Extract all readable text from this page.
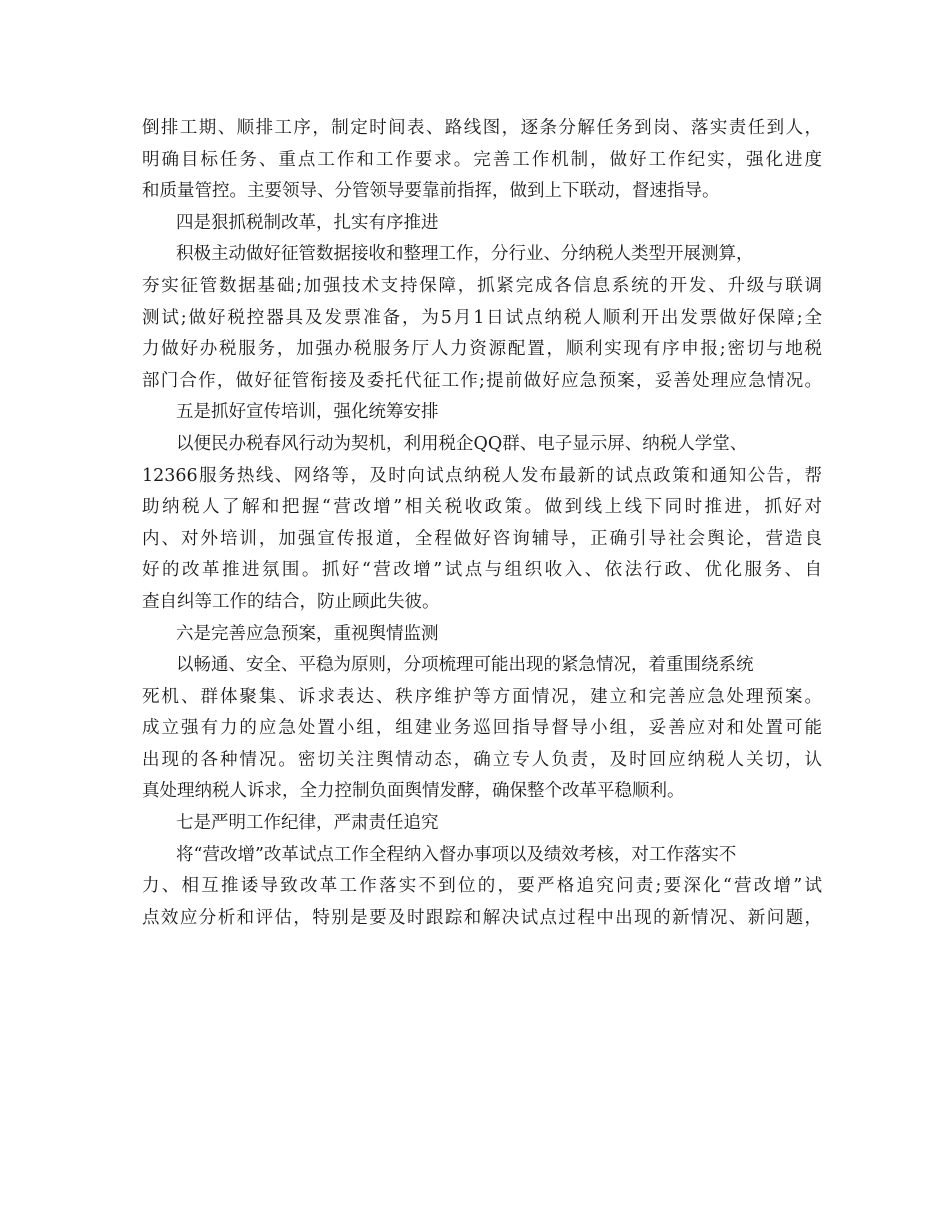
倒排工期、顺排工序，制定时间表、路线图，逐条分解任务到岗、落实责任到人，
明确目标任务、重点工作和工作要求。完善工作机制，做好工作纪实，强化进度
和质量管控。主要领导、分管领导要靠前指挥，做到上下联动，督速指导。
四是狠抓税制改革，扎实有序推进
积极主动做好征管数据接收和整理工作，分行业、分纳税人类型开展测算，
夯实征管数据基础;加强技术支持保障，抓紧完成各信息系统的开发、升级与联调
测试;做好税控器具及发票准备，为5月1日试点纳税人顺利开出发票做好保障;全
力做好办税服务，加强办税服务厅人力资源配置，顺利实现有序申报;密切与地税
部门合作，做好征管衔接及委托代征工作;提前做好应急预案，妥善处理应急情况。
五是抓好宣传培训，强化统筹安排
以便民办税春风行动为契机，利用税企QQ群、电子显示屏、纳税人学堂、
12366服务热线、网络等，及时向试点纳税人发布最新的试点政策和通知公告，帮
助纳税人了解和把握“营改增”相关税收政策。做到线上线下同时推进，抓好对
内、对外培训，加强宣传报道，全程做好咨询辅导，正确引导社会舆论，营造良
好的改革推进氛围。抓好“营改增”试点与组织收入、依法行政、优化服务、自
查自纠等工作的结合，防止顾此失彼。
六是完善应急预案，重视舆情监测
以畅通、安全、平稳为原则，分项梳理可能出现的紧急情况，着重围绕系统
死机、群体聚集、诉求表达、秩序维护等方面情况，建立和完善应急处理预案。
成立强有力的应急处置小组，组建业务巡回指导督导小组，妥善应对和处置可能
出现的各种情况。密切关注舆情动态，确立专人负责，及时回应纳税人关切，认
真处理纳税人诉求，全力控制负面舆情发酵，确保整个改革平稳顺利。
七是严明工作纪律，严肃责任追究
将“营改增”改革试点工作全程纳入督办事项以及绩效考核，对工作落实不
力、相互推诿导致改革工作落实不到位的，要严格追究问责;要深化“营改增”试
点效应分析和评估，特别是要及时跟踪和解决试点过程中出现的新情况、新问题，
